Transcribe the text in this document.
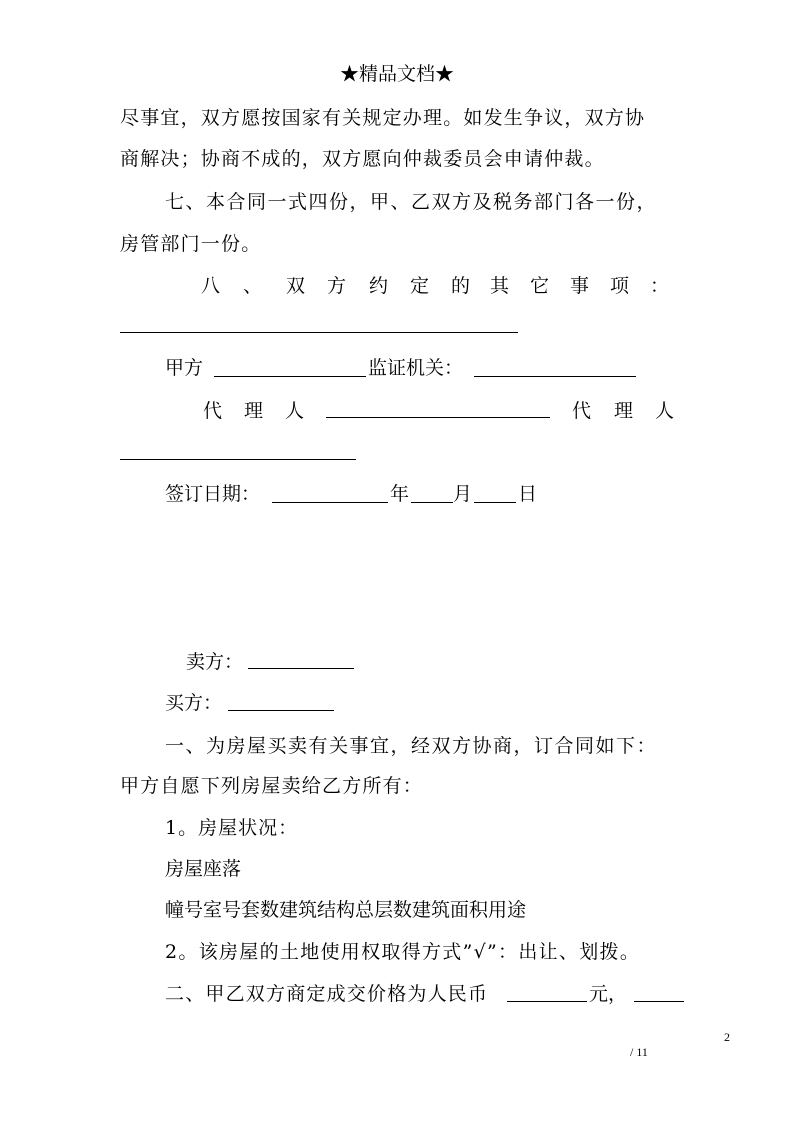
★精品文档★
尽事宜，双方愿按国家有关规定办理。如发生争议，双方协
商解决；协商不成的，双方愿向仲裁委员会申请仲裁。
七、本合同一式四份，甲、乙双方及税务部门各一份，
房管部门一份。
八 、 双 方 约 定 的 其 它 事 项 ：
甲方	监证机关：
代 理 人	代 理 人
签订日期：	年 月 日
卖方：
买方：
一、为房屋买卖有关事宜，经双方协商，订合同如下：
甲方自愿下列房屋卖给乙方所有：
1。房屋状况：
房屋座落
幢号室号套数建筑结构总层数建筑面积用途
2。该房屋的土地使用权取得方式”√”：出让、划拨。
二、甲乙双方商定成交价格为人民币	元，
2
/ 11
